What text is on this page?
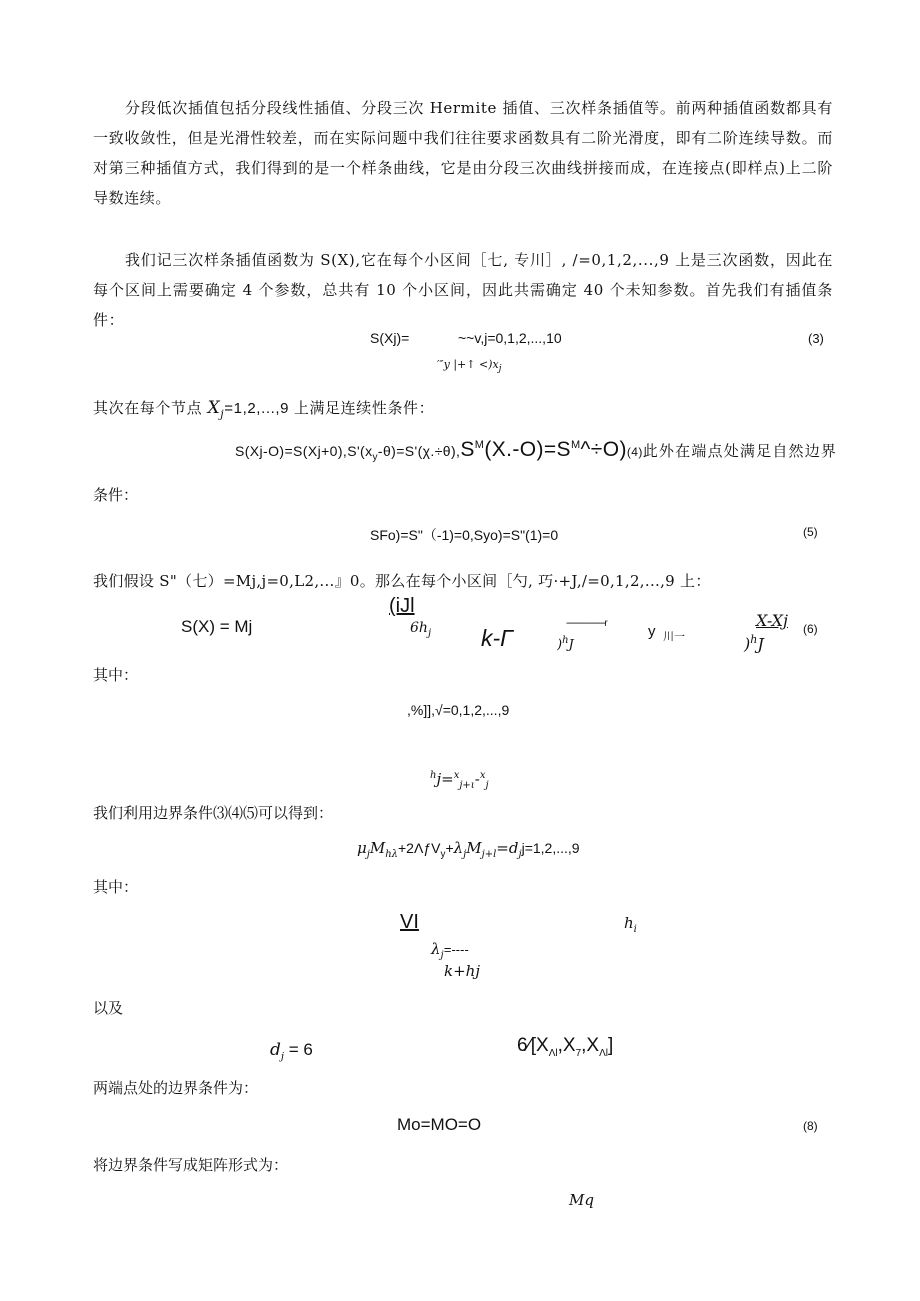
分段低次插值包括分段线性插值、分段三次 Hermite 插值、三次样条插值等。前两种插值函数都具有一致收敛性，但是光滑性较差，而在实际问题中我们往往要求函数具有二阶光滑度，即有二阶连续导数。而对第三种插值方式，我们得到的是一个样条曲线，它是由分段三次曲线拼接而成，在连接点(即样点)上二阶导数连续。

我们记三次样条插值函数为 S(X),它在每个小区间［七, 专川］, /=0,1,2,...,9 上是三次函数，因此在每个区间上需要确定 4 个参数，总共有 10 个小区间，因此共需确定 40 个未知参数。首先我们有插值条件：

S(Xj)=	~~v,j=0,1,2,...,10
′″y |+↑ $<)x_j$
(3)
其次在每个节点 $X_j=1,2,...,9$ 上满足连续性条件：
$S(Xj-O)=S(Xj+0),S'(x_y-\theta)=S'(\chi.\div\theta),S^M(X.-O)=S^M\^{}\div O)(4)$此外在端点处满足自然边界
条件：
SFo)=S"（-1)=0,Syo)=S"(1)=0	(5)
我们假设 S"（七）=Mj,j=0,L2,...』0。那么在每个小区间［勺, 巧·+J,/=0,1,2,...,9 上：
S(X) = Mj
(iJl
$6h_j$ k-Γ	)$^h$J
---------------------r	y 川一
X-Xj
)$^h$J
(6)
其中：
,%]],√=0,1,2,...,9
$^h$j=$^x_{j+\iota}$-$^x_j$
我们利用边界条件⑶⑷⑸可以得到：
$\mu_jM_{h\lambda}+2\Lambda ƒV_y+\lambda_jM_{j+l}=d_jj=1,2,...,9$
其中：
VI	$h_i$
$\lambda_j=----$
k+hj
以及
$d_j = 6$	$6∕[X_{\Lambda l},X_7,X_{\Lambda l}]$
两端点处的边界条件为：
Mo=MO=O	(8)
将边界条件写成矩阵形式为：
Mq
